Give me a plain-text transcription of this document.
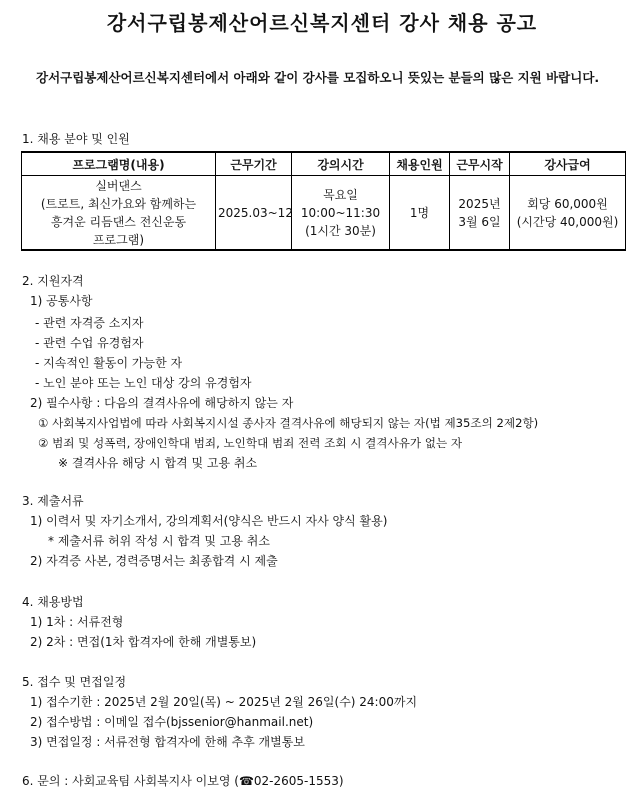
강서구립봉제산어르신복지센터 강사 채용 공고
강서구립봉제산어르신복지센터에서 아래와 같이 강사를 모집하오니 뜻있는 분들의 많은 지원 바랍니다.
1. 채용 분야 및 인원
프로그램명(내용)	근무기간	강의시간	채용인원	근무시작	강사급여

실버댄스
(트로트, 최신가요와 함께하는
흥겨운 리듬댄스 전신운동
프로그램)	2025.03~12	목요일
10:00~11:30
(1시간 30분)	1명	2025년
3월 6일	회당 60,000원
(시간당 40,000원)
2. 지원자격
1) 공통사항
- 관련 자격증 소지자
- 관련 수업 유경험자
- 지속적인 활동이 가능한 자
- 노인 분야 또는 노인 대상 강의 유경험자
2) 필수사항 : 다음의 결격사유에 해당하지 않는 자
① 사회복지사업법에 따라 사회복지시설 종사자 결격사유에 해당되지 않는 자(법 제35조의 2제2항)
② 범죄 및 성폭력, 장애인학대 범죄, 노인학대 범죄 전력 조회 시 결격사유가 없는 자
※ 결격사유 해당 시 합격 및 고용 취소
3. 제출서류
1) 이력서 및 자기소개서, 강의계획서(양식은 반드시 자사 양식 활용)
* 제출서류 허위 작성 시 합격 및 고용 취소
2) 자격증 사본, 경력증명서는 최종합격 시 제출
4. 채용방법
1) 1차 : 서류전형
2) 2차 : 면접(1차 합격자에 한해 개별통보)
5. 접수 및 면접일정
1) 접수기한 : 2025년 2월 20일(목) ~ 2025년 2월 26일(수) 24:00까지
2) 접수방법 : 이메일 접수(bjssenior@hanmail.net)
3) 면접일정 : 서류전형 합격자에 한해 추후 개별통보
6. 문의 : 사회교육팀 사회복지사 이보영 (☎02-2605-1553)
